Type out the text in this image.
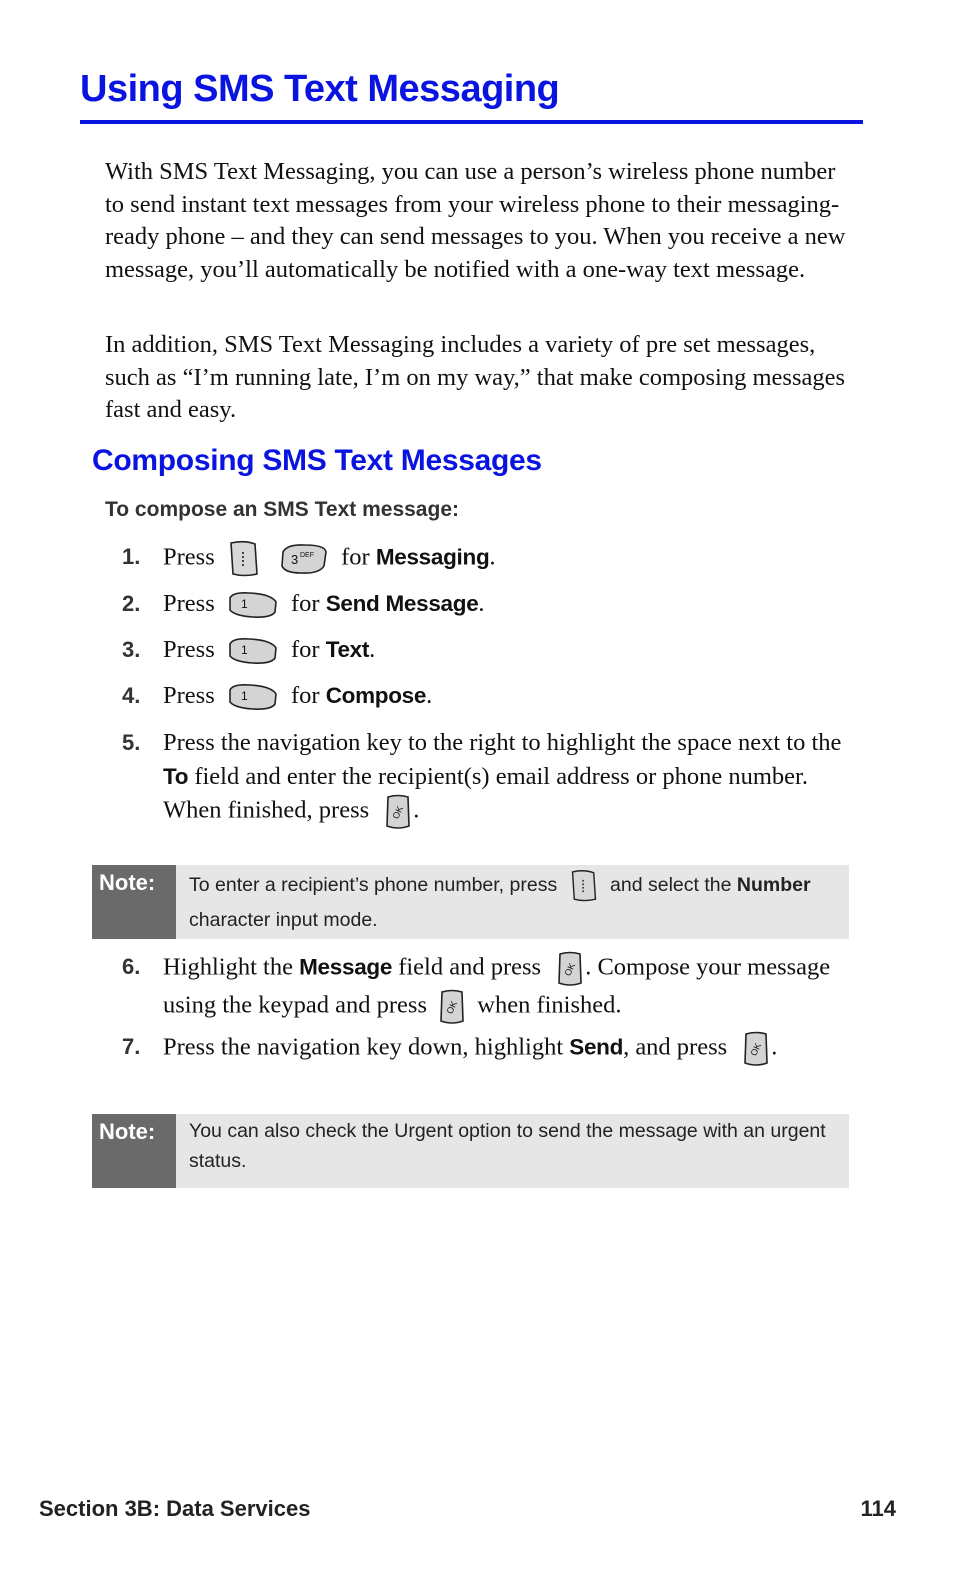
Using SMS Text Messaging

With SMS Text Messaging, you can use a person’s wireless phone number to send instant text messages from your wireless phone to their messaging-ready phone – and they can send messages to you. When you receive a new message, you’ll automatically be notified with a one-way text message.

In addition, SMS Text Messaging includes a variety of pre set messages, such as “I’m running late, I’m on my way,” that make composing messages fast and easy.

Composing SMS Text Messages

To compose an SMS Text message:

1. Press
	3 DEF for Messaging.
2. Press 1 for Send Message.
3. Press 1 for Text.
4. Press 1 for Compose.
5. Press the navigation key to the right to highlight the space next to the To field and enter the recipient(s) email address or phone number. When finished, press OK .
Note: To enter a recipient’s phone number, press	and select the Number character input mode.
6. Highlight the Message field and press OK . Compose your message using the keypad and press OK when finished.
7. Press the navigation key down, highlight Send, and press OK .
Note: You can also check the Urgent option to send the message with an urgent status.

Section 3B: Data Services	114
